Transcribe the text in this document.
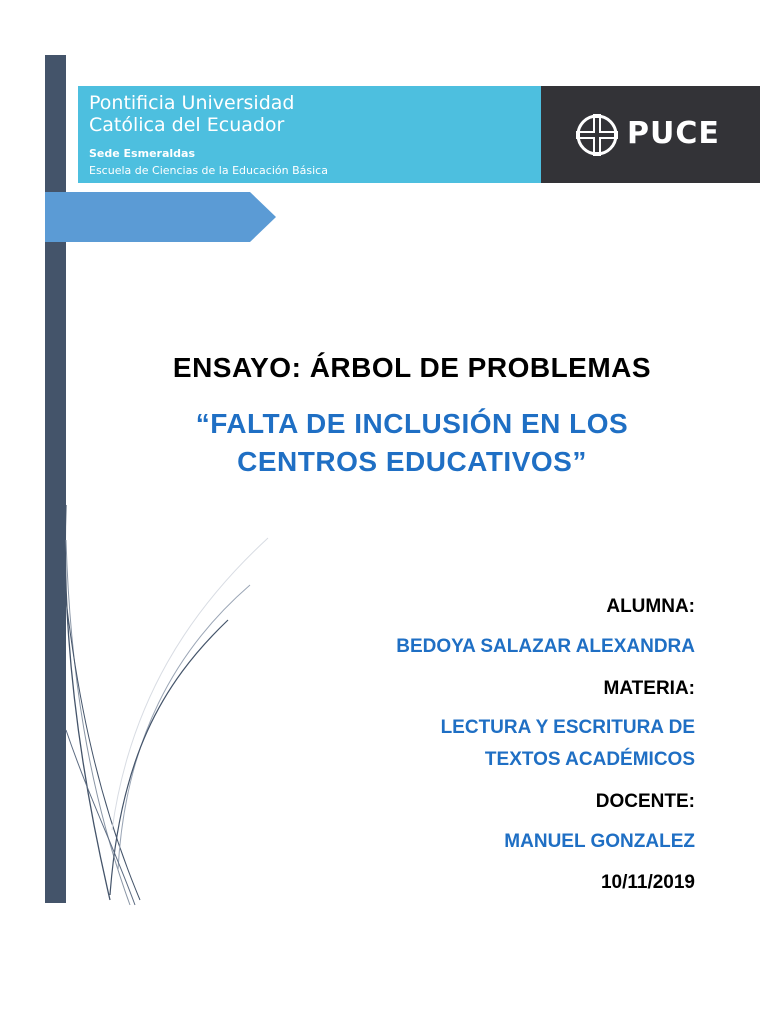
Pontificia Universidad
Católica del Ecuador
Sede Esmeraldas
Escuela de Ciencias de la Educación Básica
PUCE
ENSAYO: ÁRBOL DE PROBLEMAS
“FALTA DE INCLUSIÓN EN LOS
CENTROS EDUCATIVOS”
ALUMNA:
BEDOYA SALAZAR ALEXANDRA
MATERIA:
LECTURA Y ESCRITURA DE
TEXTOS ACADÉMICOS
DOCENTE:
MANUEL GONZALEZ
10/11/2019
